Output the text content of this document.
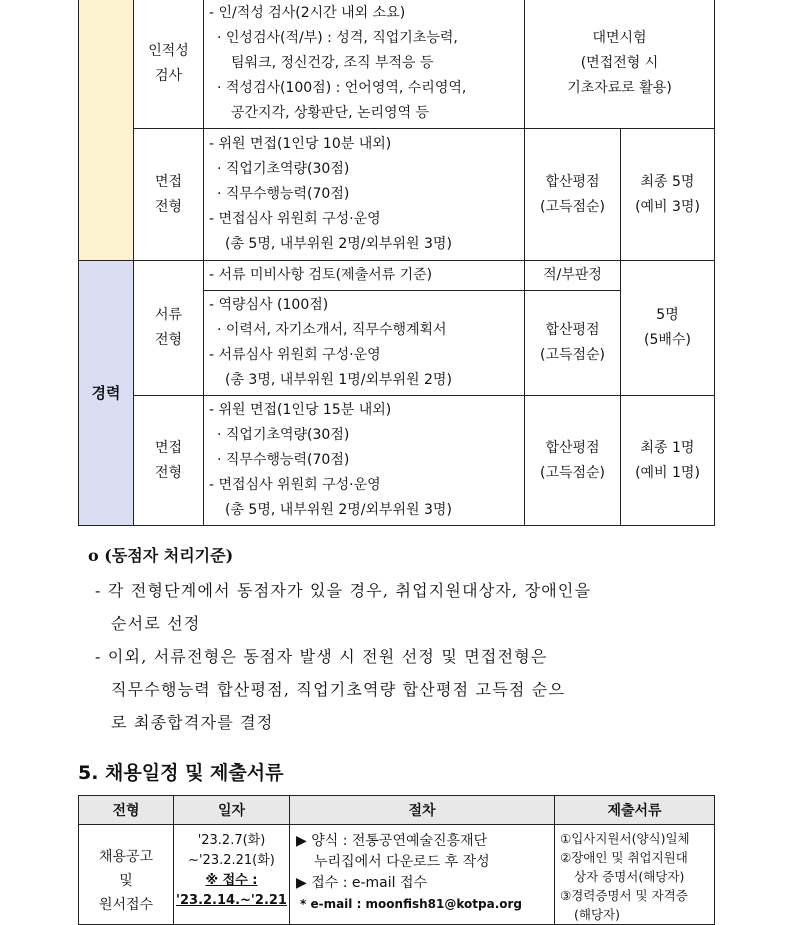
	인적성
검사	- 인/적성 검사(2시간 내외 소요)
· 인성검사(적/부) : 성격, 직업기초능력,
팀워크, 정신건강, 조직 부적응 등
· 적성검사(100점) : 언어영역, 수리영역,
공간지각, 상황판단, 논리영역 등	대면시험
(면접전형 시
기초자료로 활용)	

	면접
전형	- 위원 면접(1인당 10분 내외)
· 직업기초역량(30점)
· 직무수행능력(70점)
- 면접심사 위원회 구성·운영
(총 5명, 내부위원 2명/외부위원 3명)	합산평점
(고득점순)	최종 5명
(예비 3명)

경력	서류
전형	- 서류 미비사항 검토(제출서류 기준)	적/부판정	5명
(5배수)

		- 역량심사 (100점)
· 이력서, 자기소개서, 직무수행계획서
- 서류심사 위원회 구성·운영
(총 3명, 내부위원 1명/외부위원 2명)	합산평점
(고득점순)	

	면접
전형	- 위원 면접(1인당 15분 내외)
· 직업기초역량(30점)
· 직무수행능력(70점)
- 면접심사 위원회 구성·운영
(총 5명, 내부위원 2명/외부위원 3명)	합산평점
(고득점순)	최종 1명
(예비 1명)
o (동점자 처리기준)
- 각 전형단계에서 동점자가 있을 경우, 취업지원대상자, 장애인을
순서로 선정
- 이외, 서류전형은 동점자 발생 시 전원 선정 및 면접전형은
직무수행능력 합산평점, 직업기초역량 합산평점 고득점 순으
로 최종합격자를 결정
5. 채용일정 및 제출서류
전형	일자	절차	제출서류

채용공고
및
원서접수	'23.2.7(화)
~'23.2.21(화)
※ 접수 :
'23.2.14.~'2.21	▶ 양식 : 전통공연예술진흥재단
누리집에서 다운로드 후 작성
▶ 접수 : e-mail 접수
* e-mail : moonfish81@kotpa.org	①입사지원서(양식)일체
②장애인 및 취업지원대
상자 증명서(해당자)
③경력증명서 및 자격증
(해당자)
